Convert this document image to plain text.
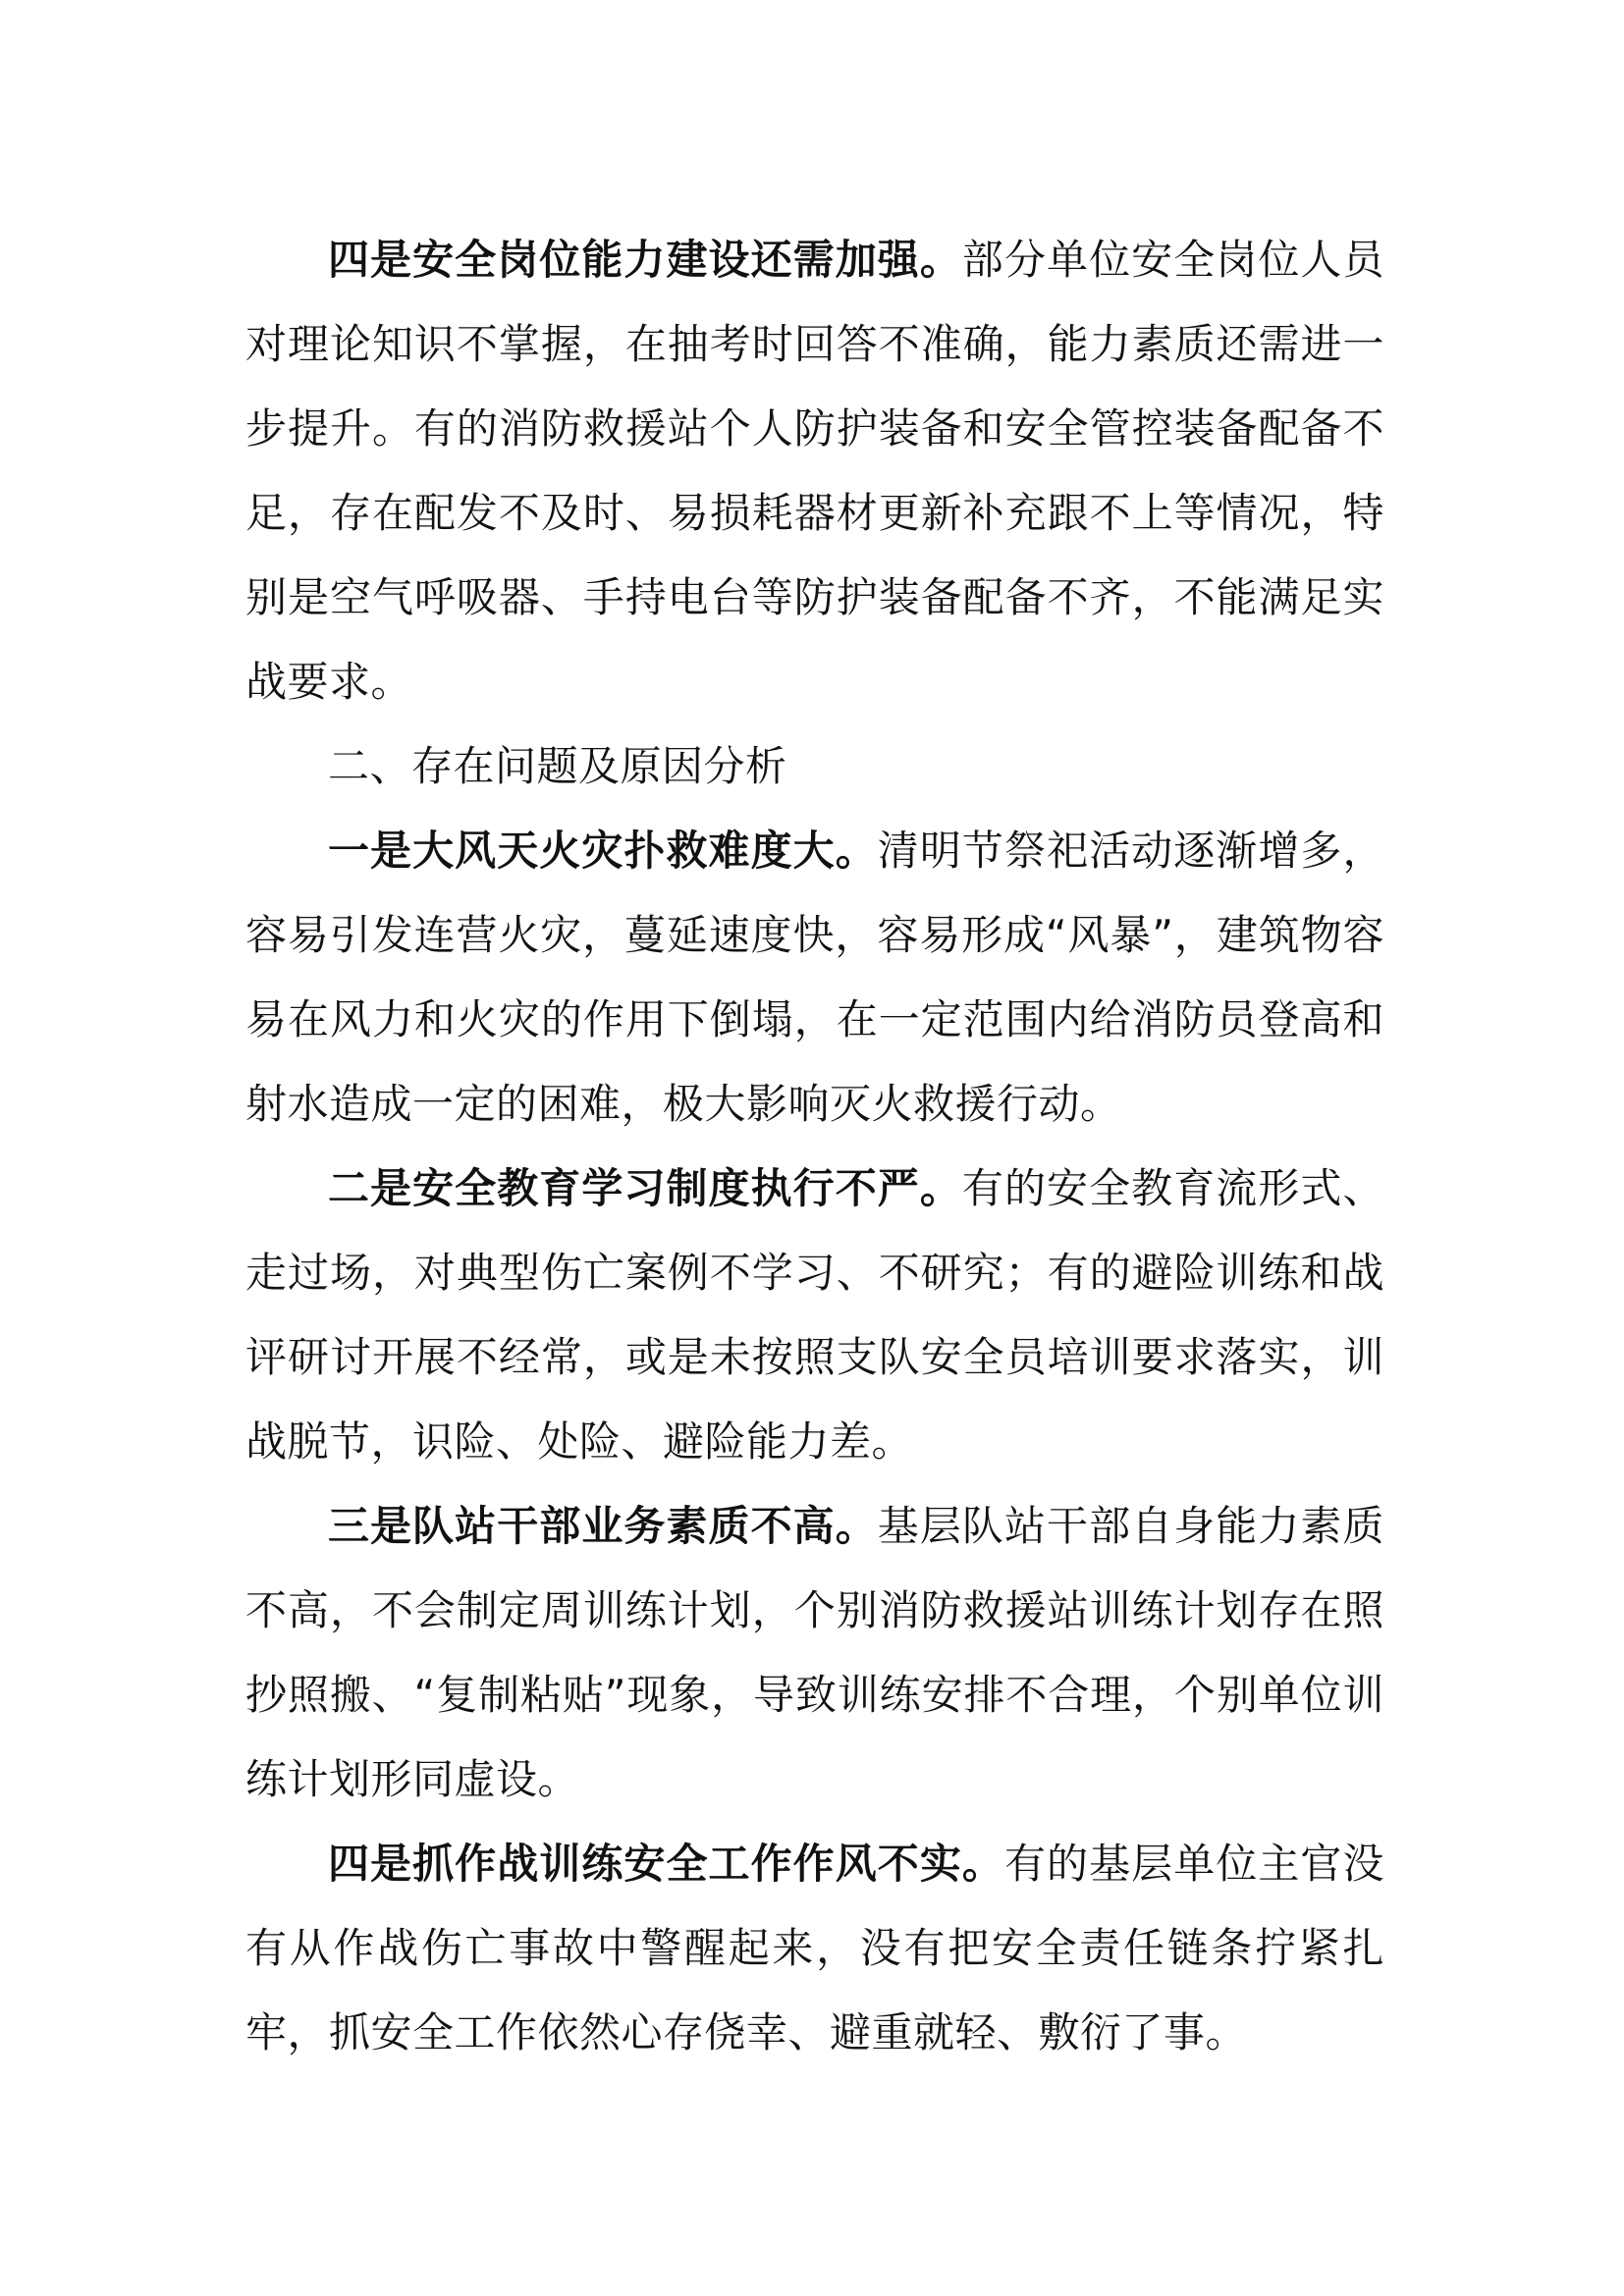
四是安全岗位能力建设还需加强。部分单位安全岗位人员对理论知识不掌握，在抽考时回答不准确，能力素质还需进一步提升。有的消防救援站个人防护装备和安全管控装备配备不足，存在配发不及时、易损耗器材更新补充跟不上等情况，特别是空气呼吸器、手持电台等防护装备配备不齐，不能满足实战要求。

二、存在问题及原因分析

一是大风天火灾扑救难度大。清明节祭祀活动逐渐增多，容易引发连营火灾，蔓延速度快，容易形成“风暴”，建筑物容易在风力和火灾的作用下倒塌，在一定范围内给消防员登高和射水造成一定的困难，极大影响灭火救援行动。

二是安全教育学习制度执行不严。有的安全教育流形式、走过场，对典型伤亡案例不学习、不研究；有的避险训练和战评研讨开展不经常，或是未按照支队安全员培训要求落实，训战脱节，识险、处险、避险能力差。

三是队站干部业务素质不高。基层队站干部自身能力素质不高，不会制定周训练计划，个别消防救援站训练计划存在照抄照搬、“复制粘贴”现象，导致训练安排不合理，个别单位训练计划形同虚设。

四是抓作战训练安全工作作风不实。有的基层单位主官没有从作战伤亡事故中警醒起来，没有把安全责任链条拧紧扎牢，抓安全工作依然心存侥幸、避重就轻、敷衍了事。
